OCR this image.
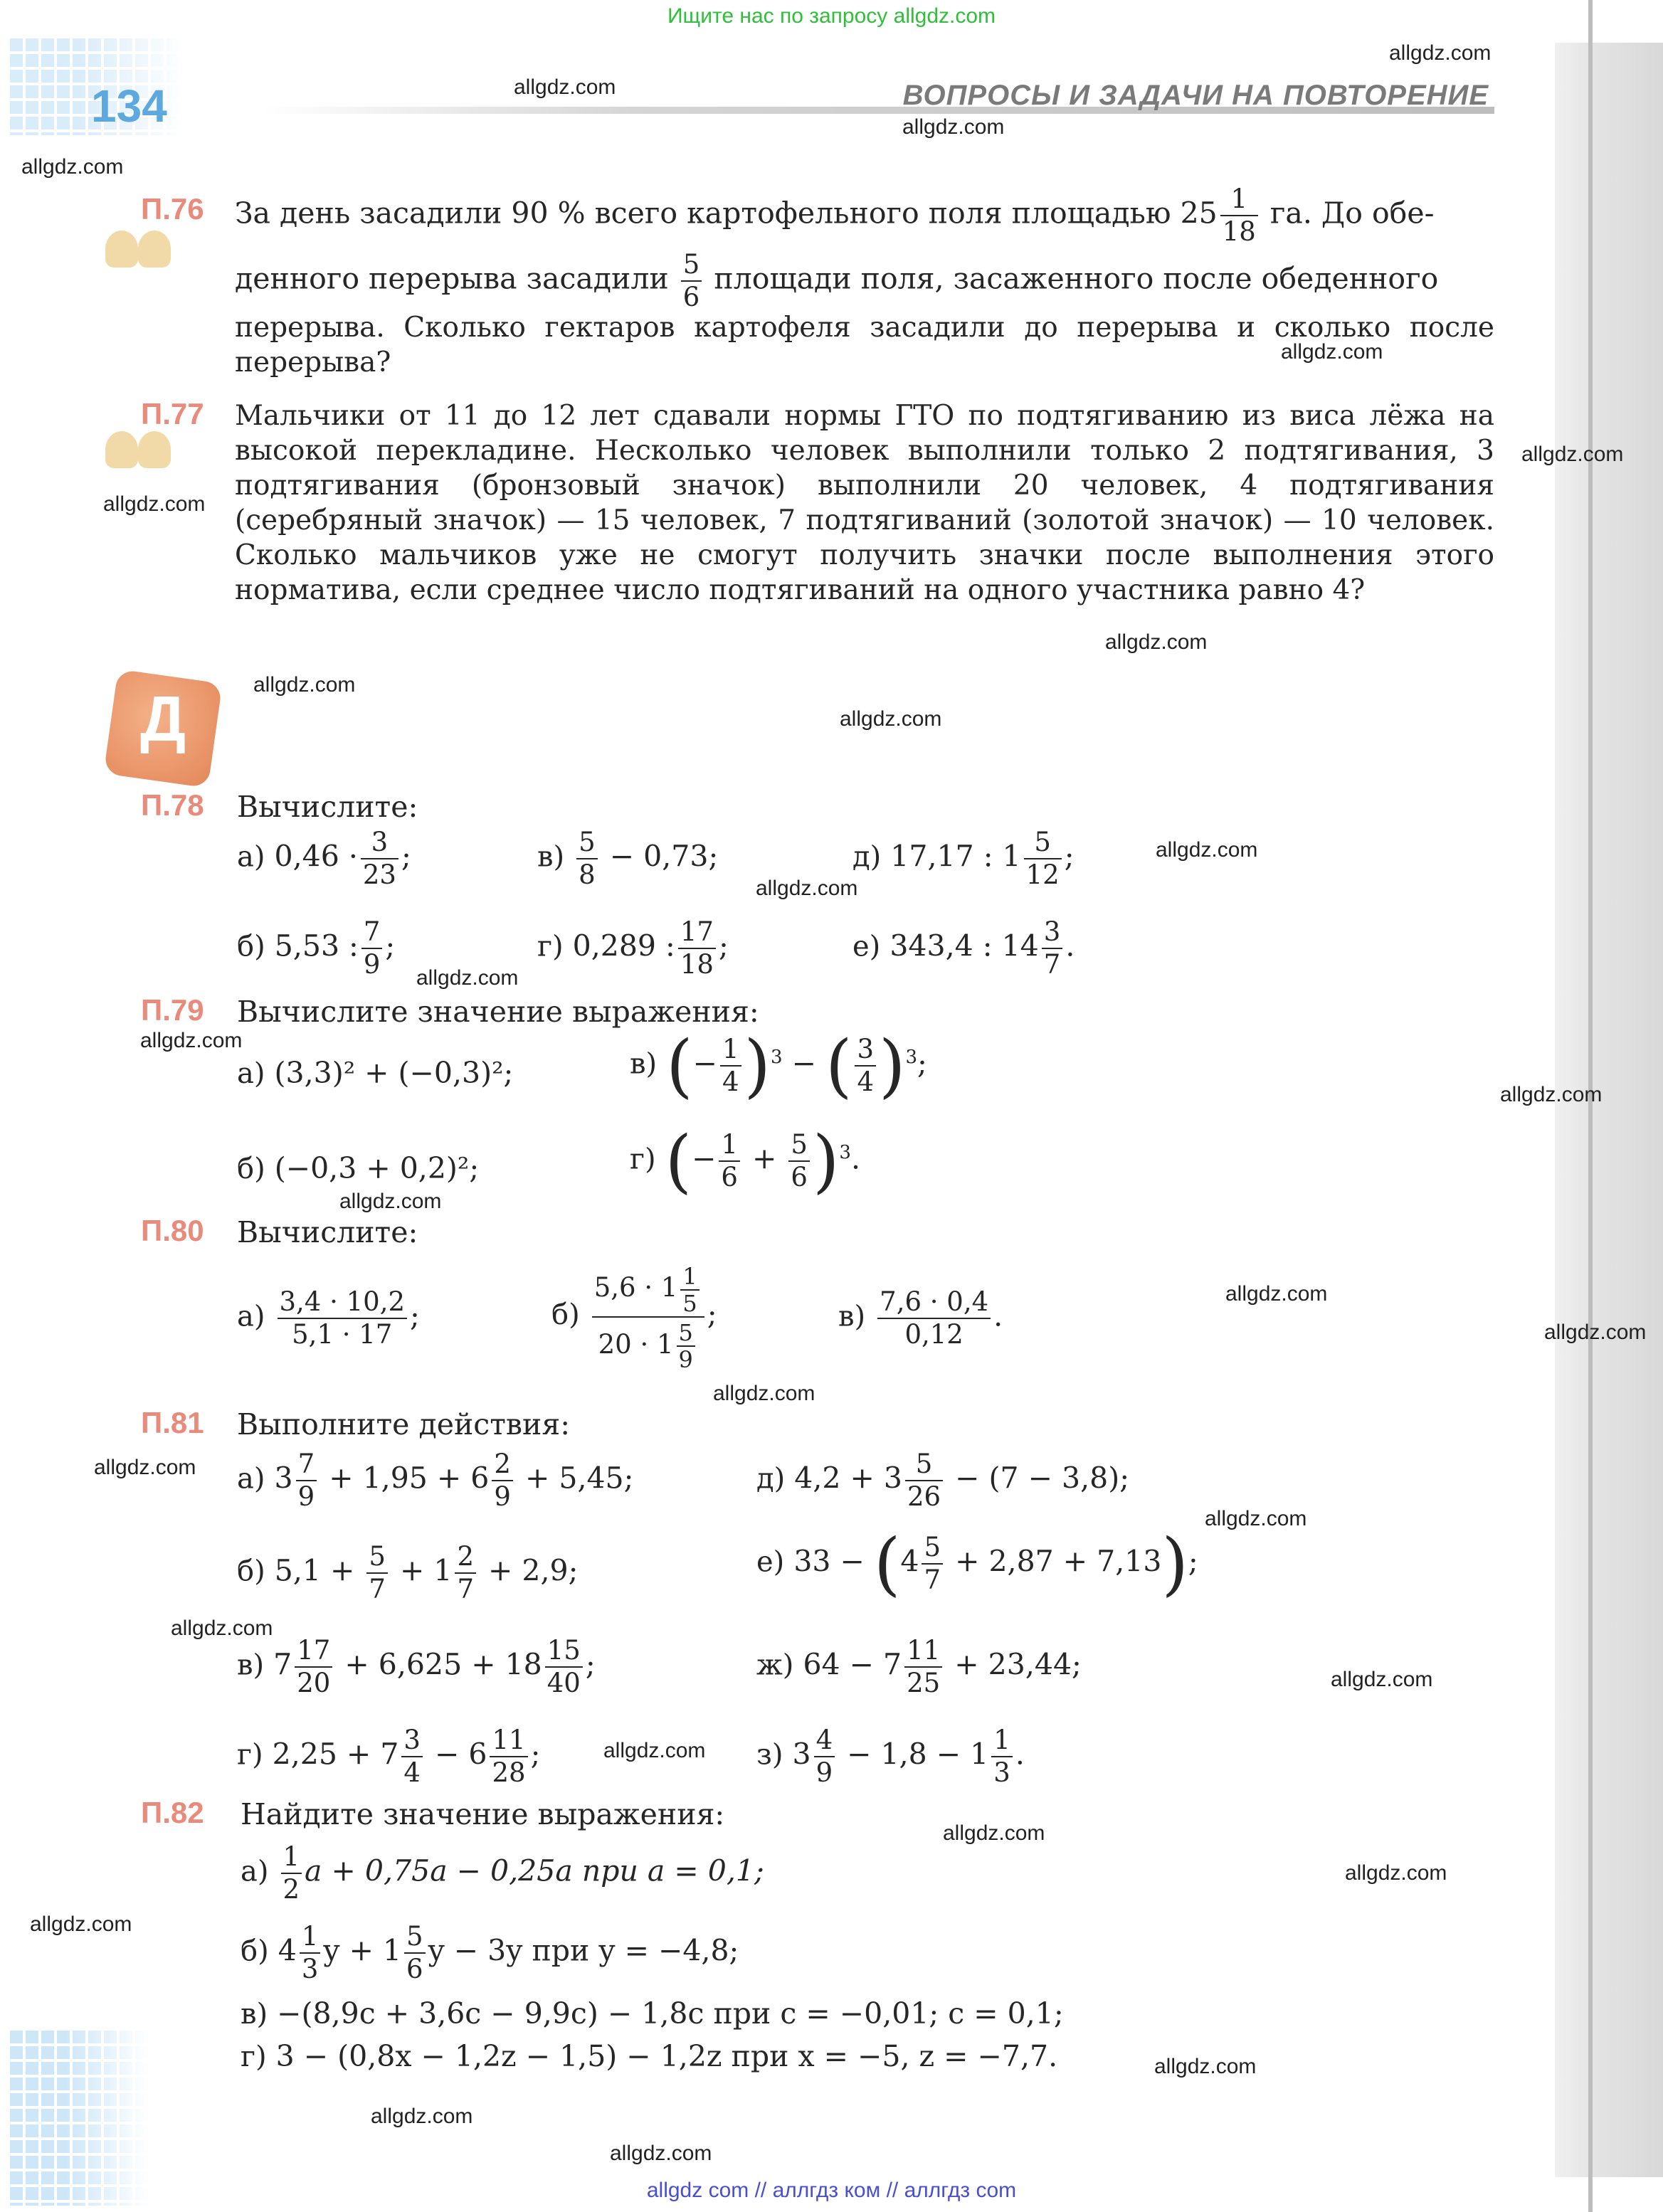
Ищите нас по запросу allgdz.com
134	ВОПРОСЫ И ЗАДАЧИ НА ПОВТОРЕНИЕ
allgdz.com
allgdz.com
allgdz.com
allgdz.com
allgdz.com
allgdz.com
allgdz.com
allgdz.com
allgdz.com
allgdz.com
allgdz.com
allgdz.com
allgdz.com
allgdz.com
allgdz.com
allgdz.com
allgdz.com
allgdz.com
allgdz.com
allgdz.com
allgdz.com
allgdz.com
allgdz.com
allgdz.com
allgdz.com
allgdz.com
allgdz.com
allgdz.com
allgdz.com
allgdz.com
П.76 За день засадили 90 % всего картофельного поля площадью $25 \frac{1}{18}$ га. До обе-
денного перерыва засадили $\frac{5}{6}$ площади поля, засаженного после обеденного
перерыва. Сколько гектаров картофеля засадили до перерыва и сколько после перерыва?
П.77 Мальчики от 11 до 12 лет сдавали нормы ГТО по подтягиванию из виса лёжа на высокой перекладине. Несколько человек выполнили только 2 подтягивания, 3 подтягивания (бронзовый значок) выполнили 20 человек, 4 подтягивания (серебряный значок) — 15 человек, 7 подтягиваний (золотой значок) — 10 человек. Сколько мальчиков уже не смогут получить значки после выполнения этого норматива, если среднее число подтягиваний на одного участника равно 4?
Д
П.78 Вычислите:
а) $0,46 \cdot \frac{3}{23}$ ;	$в) \frac{5}{8} - 0,73$;	д) 17,17 : $1 \frac{5}{12}$ ;
б) 5,53 : $\frac{7}{9}$ ;	г) 0,289 : $\frac{17}{18}$ ;	е) 343,4 : $14 \frac{3}{7}$ .
П.79 Вычислите значение выражения:
а) (3,3)² + (−0,3)²;	в) (− $\frac{1}{4} )^3$ − ( $\frac{3}{4} )^3$;
б) (−0,3 + 0,2)²;	г) (− $\frac{1}{6} + \frac{5}{6} )^3$.
П.80 Вычислите:
$а) \frac{3,4 \cdot 10,2}{5,1 \cdot 17}$ ;	$б) \frac{5,6 \cdot 1 \frac{1}{5}}{20 \cdot 1 \frac{5}{9}}$ ;	$в) \frac{7,6 \cdot 0,4}{0,12}$ .
П.81 Выполните действия:
а) $3 \frac{7}{9} + 1,95 + 6 \frac{2}{9} + 5,45$;	д) $4,2 + 3 \frac{5}{26} - (7 - 3,8)$;
б) $5,1 + \frac{5}{7} + 1 \frac{2}{7} + 2,9$;	е) $33 - (4 \frac{5}{7} + 2,87 + 7,13)$;
в) $7 \frac{17}{20} + 6,625 + 18 \frac{15}{40}$ ;	ж) $64 - 7 \frac{11}{25} + 23,44$;
г) $2,25 + 7 \frac{3}{4} - 6 \frac{11}{28}$ ;	з) $3 \frac{4}{9} - 1,8 - 1 \frac{1}{3}$ .
П.82 Найдите значение выражения:
$а) \frac{1}{2}$ a + 0,75a − 0,25a при a = 0,1;
б) $4 \frac{1}{3}$ $y + 1 \frac{5}{6}$ y − 3y при y = −4,8;
в) −(8,9c + 3,6c − 9,9c) − 1,8c при c = −0,01; c = 0,1;
г) 3 − (0,8x − 1,2z − 1,5) − 1,2z при x = −5, z = −7,7.
allgdz com // аллгдз ком // аллгдз com
